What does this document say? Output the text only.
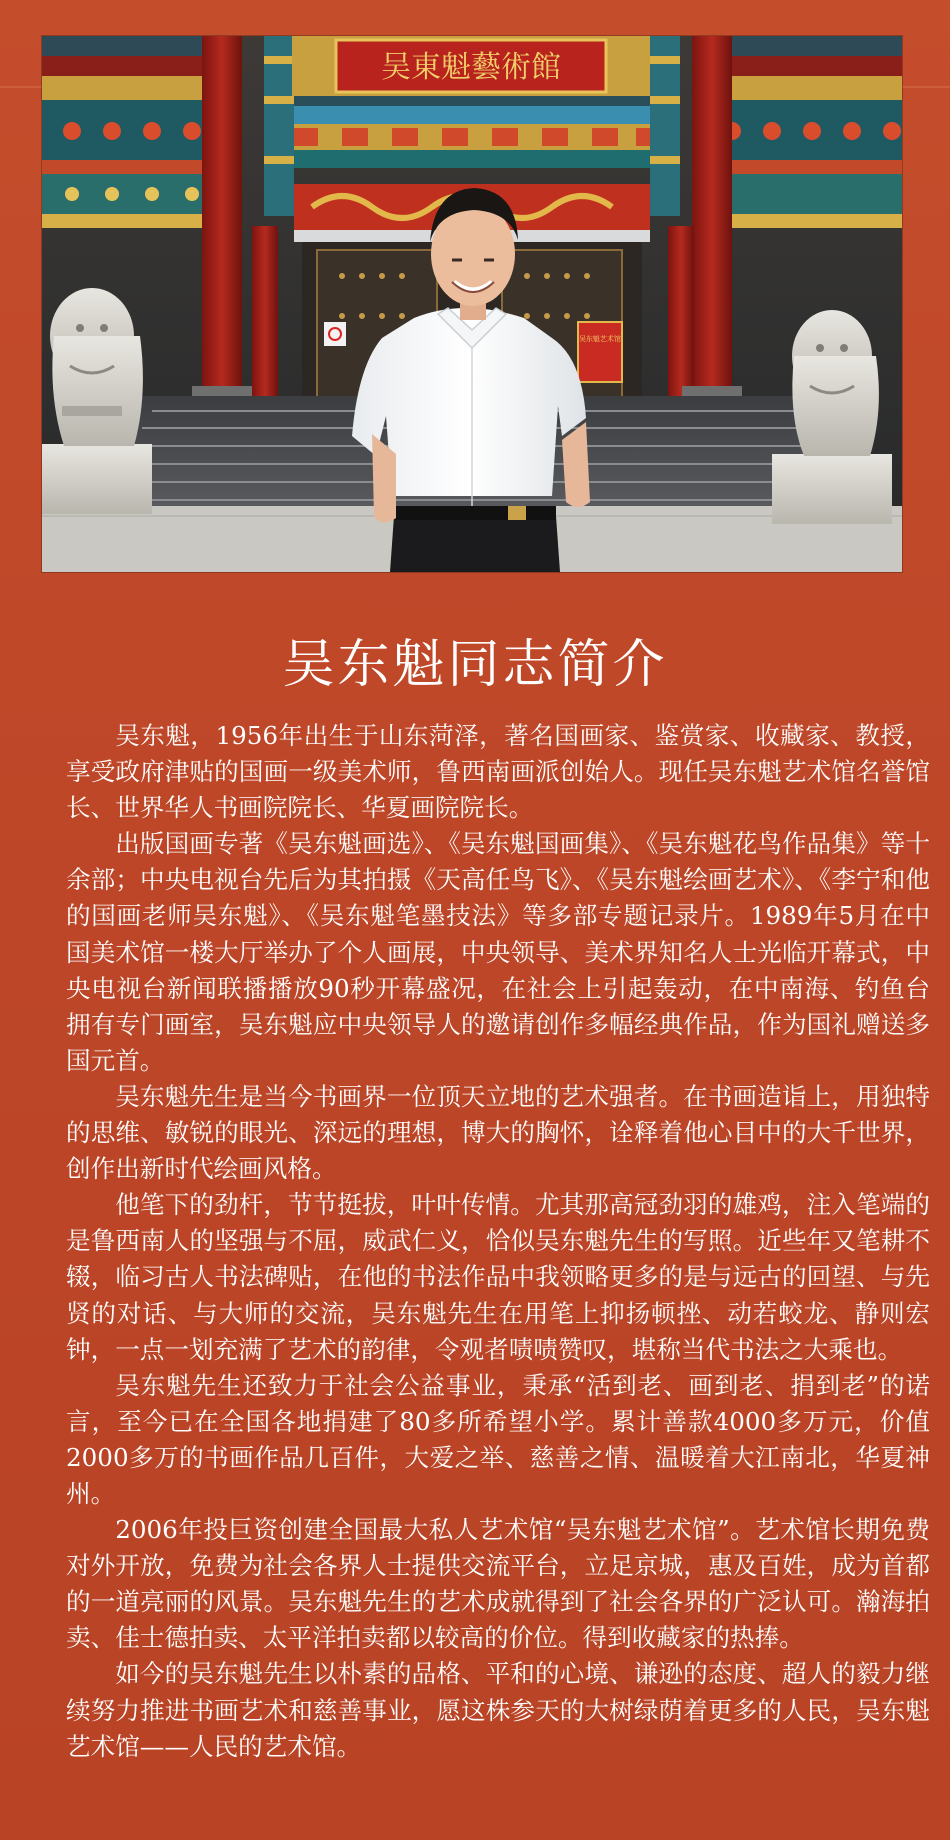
吴東魁藝術館
吴东魁艺术馆
吴东魁同志简介

吴东魁，1956年出生于山东菏泽，著名国画家、鉴赏家、收藏家、教授，享受政府津贴的国画一级美术师，鲁西南画派创始人。现任吴东魁艺术馆名誉馆长、世界华人书画院院长、华夏画院院长。

出版国画专著《吴东魁画选》、《吴东魁国画集》、《吴东魁花鸟作品集》等十余部；中央电视台先后为其拍摄《天高任鸟飞》、《吴东魁绘画艺术》、《李宁和他的国画老师吴东魁》、《吴东魁笔墨技法》等多部专题记录片。1989年5月在中国美术馆一楼大厅举办了个人画展，中央领导、美术界知名人士光临开幕式，中央电视台新闻联播播放90秒开幕盛况，在社会上引起轰动，在中南海、钓鱼台拥有专门画室，吴东魁应中央领导人的邀请创作多幅经典作品，作为国礼赠送多国元首。

吴东魁先生是当今书画界一位顶天立地的艺术强者。在书画造诣上，用独特的思维、敏锐的眼光、深远的理想，博大的胸怀，诠释着他心目中的大千世界，创作出新时代绘画风格。

他笔下的劲杆，节节挺拔，叶叶传情。尤其那高冠劲羽的雄鸡，注入笔端的是鲁西南人的坚强与不屈，威武仁义，恰似吴东魁先生的写照。近些年又笔耕不辍，临习古人书法碑贴，在他的书法作品中我领略更多的是与远古的回望、与先贤的对话、与大师的交流，吴东魁先生在用笔上抑扬顿挫、动若蛟龙、静则宏钟，一点一划充满了艺术的韵律，令观者啧啧赞叹，堪称当代书法之大乘也。

吴东魁先生还致力于社会公益事业，秉承“活到老、画到老、捐到老”的诺言，至今已在全国各地捐建了80多所希望小学。累计善款4000多万元，价值2000多万的书画作品几百件，大爱之举、慈善之情、温暖着大江南北，华夏神州。

2006年投巨资创建全国最大私人艺术馆“吴东魁艺术馆”。艺术馆长期免费对外开放，免费为社会各界人士提供交流平台，立足京城，惠及百姓，成为首都的一道亮丽的风景。吴东魁先生的艺术成就得到了社会各界的广泛认可。瀚海拍卖、佳士德拍卖、太平洋拍卖都以较高的价位。得到收藏家的热捧。

如今的吴东魁先生以朴素的品格、平和的心境、谦逊的态度、超人的毅力继续努力推进书画艺术和慈善事业，愿这株参天的大树绿荫着更多的人民，吴东魁艺术馆——人民的艺术馆。
